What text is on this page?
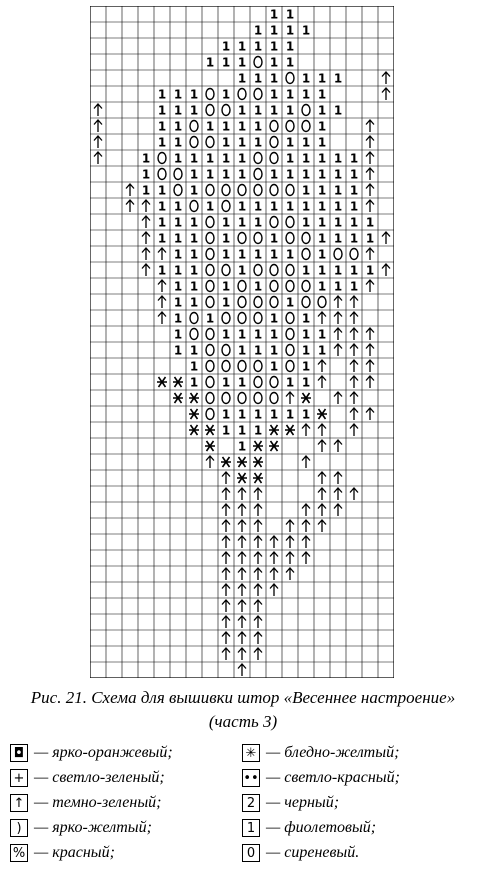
1 1
1 1 1 1
1 1 1 1 1
1 1 1 1 1
1 1 1 1 1 1
1 1 1 1	1 1 1 1
1 1 1	1 1 1 1 1 1
1 1 1 1 1 1	1
1 1	1 1 1 1 1 1
1 1 1 1 1 1	1 1 1 1 1
1	1 1 1 1 1 1 1 1 1 1
1 1 1	1 1 1 1
1 1 1 1 1 1 1 1 1 1 1
1 1 1 1 1 1	1 1 1 1 1
1 1 1 1	1	1 1 1 1
1 1 1 1 1 1 1 1
1 1 1	1	1 1 1 1 1
1 1 1 1	1 1 1
1 1 1	1
1 1	1 1
1	1 1 1 1 1 1
1 1	1 1 1 1 1
1	1 1
1 1 1	1 1
1 1 1 1 1 1
1 1 1
1
Рис. 21. Схема для вышивки штор «Весеннее настроение»
(часть 3)
◘ — ярко-оранжевый;
+ — светло-зеленый;
↑ — темно-зеленый;
) — ярко-желтый;
% — красный;
✳ — бледно-желтый;
•• — светло-красный;
2 — черный;
1 — фиолетовый;
0 — сиреневый.
